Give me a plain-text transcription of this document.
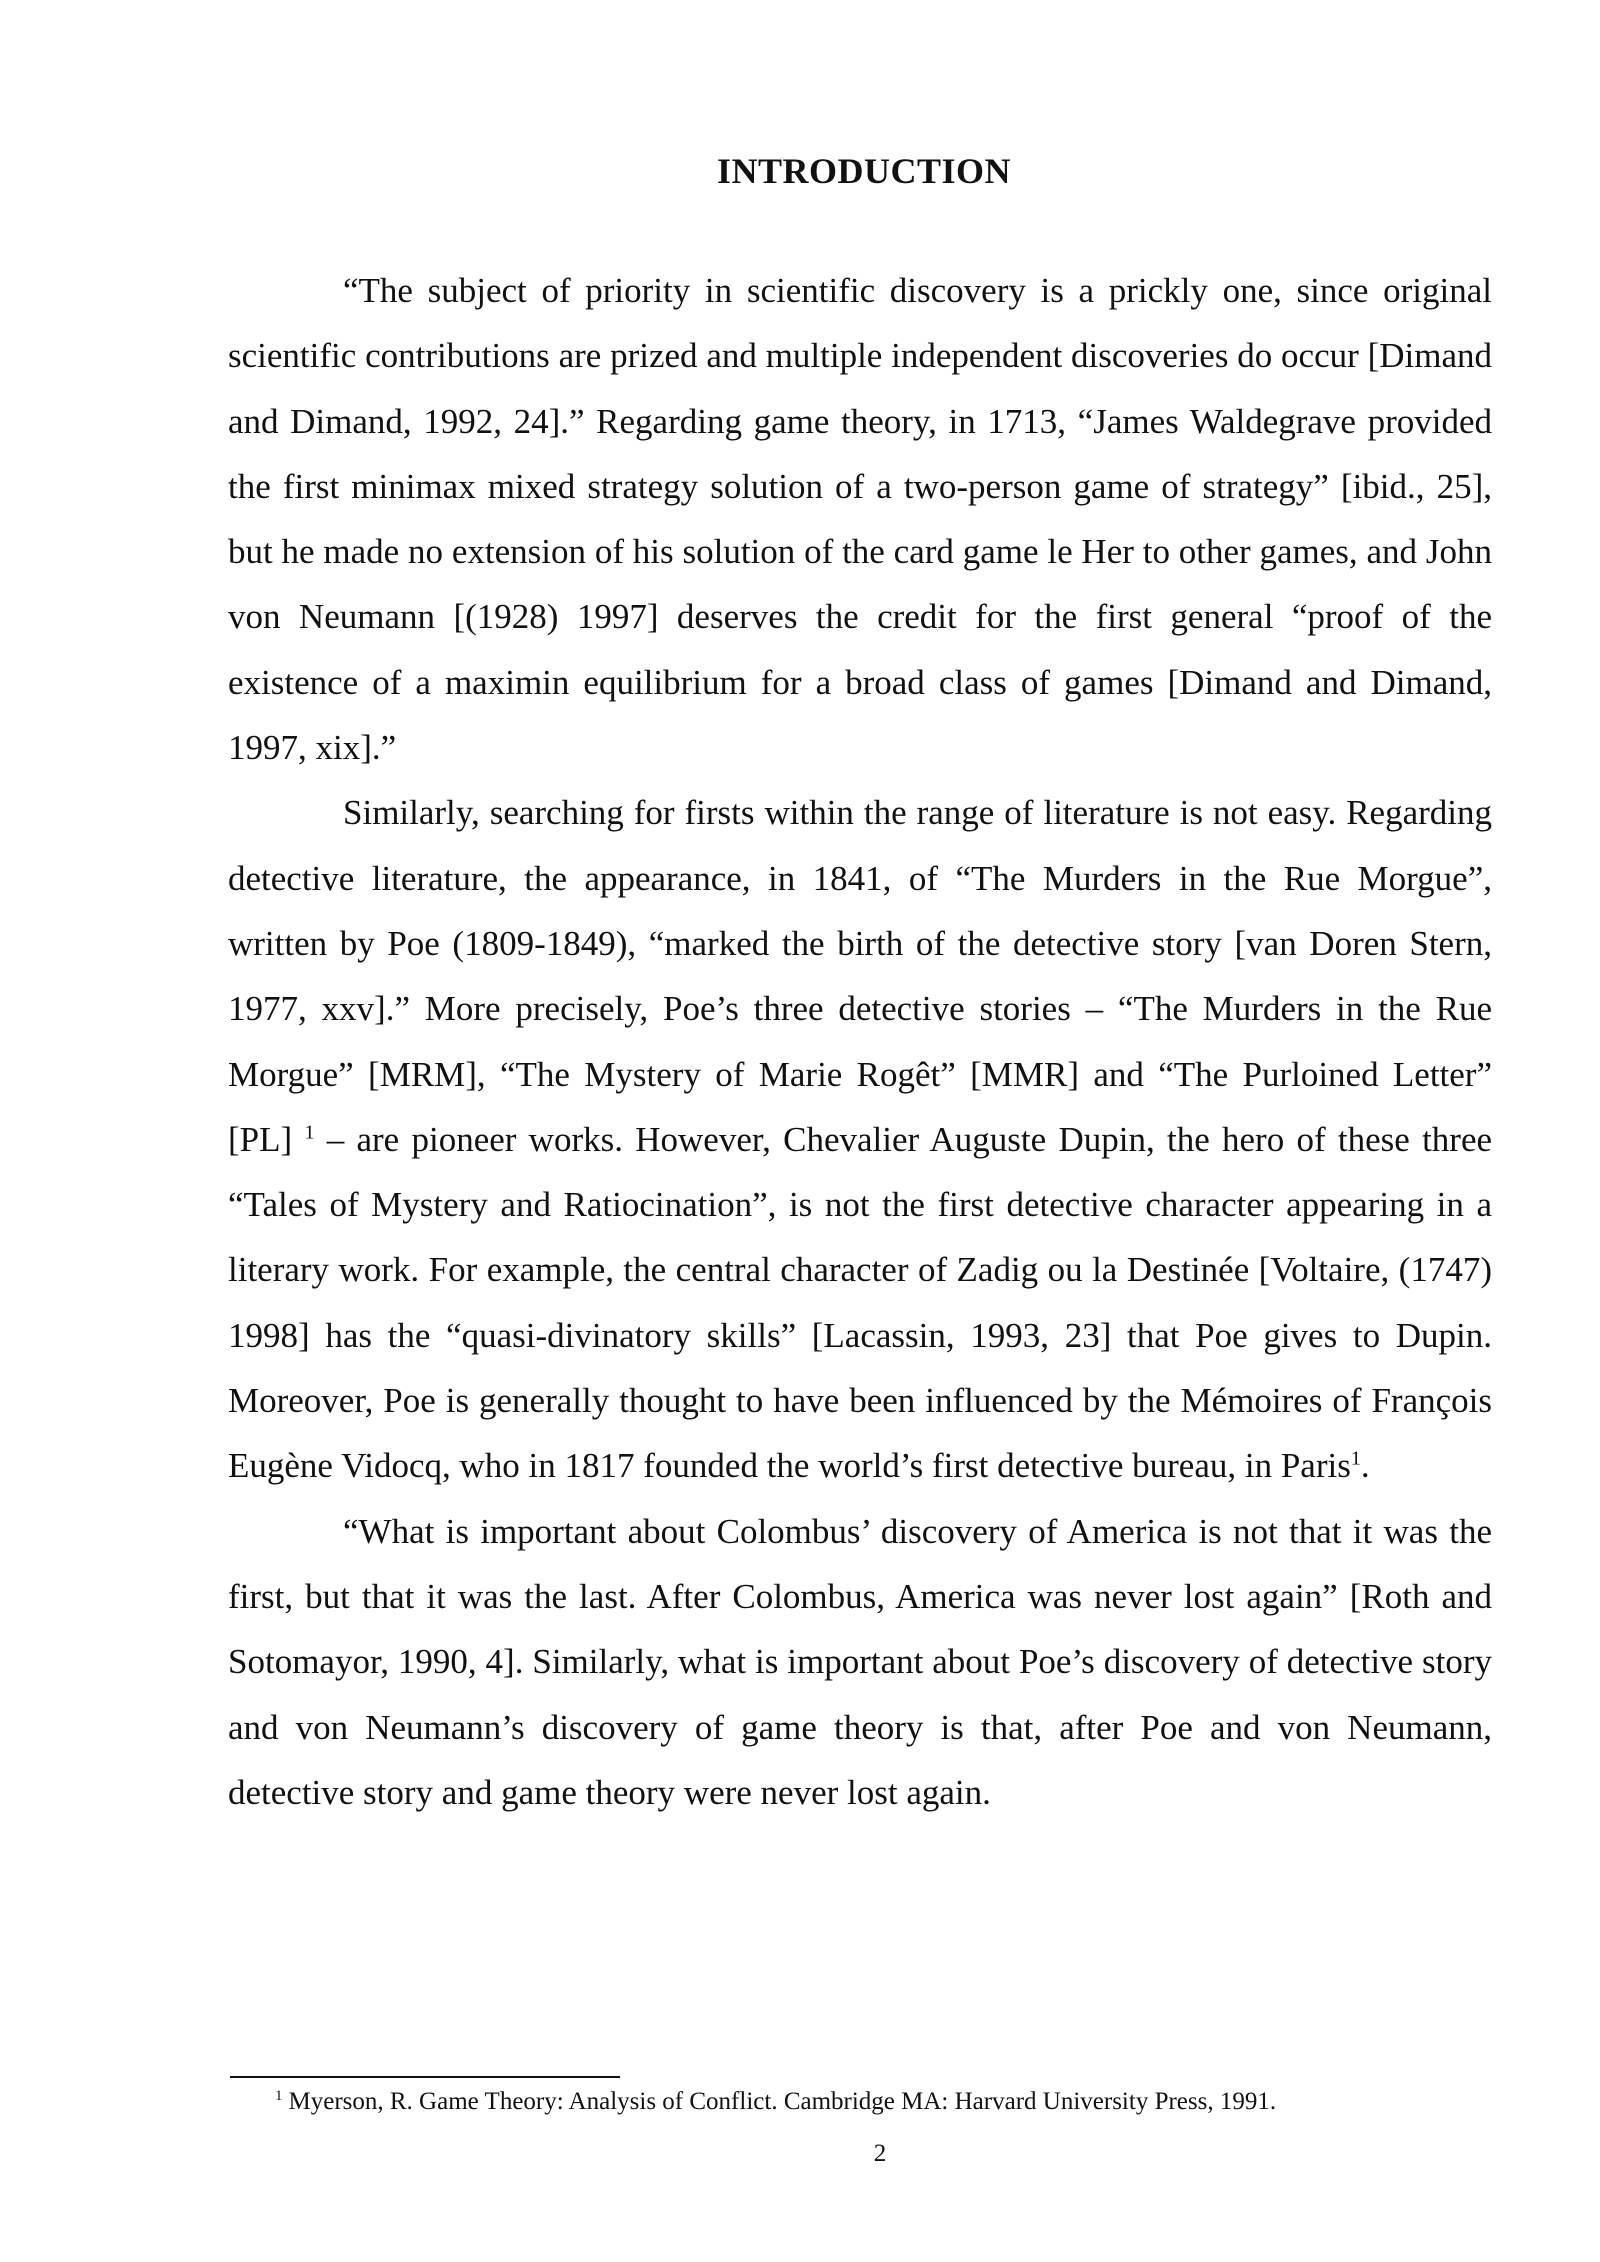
INTRODUCTION

“The subject of priority in scientific discovery is a prickly one, since original scientific contributions are prized and multiple independent discoveries do occur [Dimand and Dimand, 1992, 24].” Regarding game theory, in 1713, “James Waldegrave provided the first minimax mixed strategy solution of a two-person game of strategy” [ibid., 25], but he made no extension of his solution of the card game le Her to other games, and John von Neumann [(1928) 1997] deserves the credit for the first general “proof of the existence of a maximin equilibrium for a broad class of games [Dimand and Dimand, 1997, xix].”

Similarly, searching for firsts within the range of literature is not easy. Regarding detective literature, the appearance, in 1841, of “The Murders in the Rue Morgue”, written by Poe (1809-1849), “marked the birth of the detective story [van Doren Stern, 1977, xxv].” More precisely, Poe’s three detective stories – “The Murders in the Rue Morgue” [MRM], “The Mystery of Marie Rogêt” [MMR] and “The Purloined Letter” [PL] $^1$ – are pioneer works. However, Chevalier Auguste Dupin, the hero of these three “Tales of Mystery and Ratiocination”, is not the first detective character appearing in a literary work. For example, the central character of Zadig ou la Destinée [Voltaire, (1747) 1998] has the “quasi-divinatory skills” [Lacassin, 1993, 23] that Poe gives to Dupin. Moreover, Poe is generally thought to have been influenced by the Mémoires of François Eugène Vidocq, who in 1817 founded the world’s first detective bureau, in Paris$^1$.

“What is important about Colombus’ discovery of America is not that it was the first, but that it was the last. After Colombus, America was never lost again” [Roth and Sotomayor, 1990, 4]. Similarly, what is important about Poe’s discovery of detective story and von Neumann’s discovery of game theory is that, after Poe and von Neumann, detective story and game theory were never lost again.

$^1$ Myerson, R. Game Theory: Analysis of Conflict. Cambridge MA: Harvard University Press, 1991.

2
